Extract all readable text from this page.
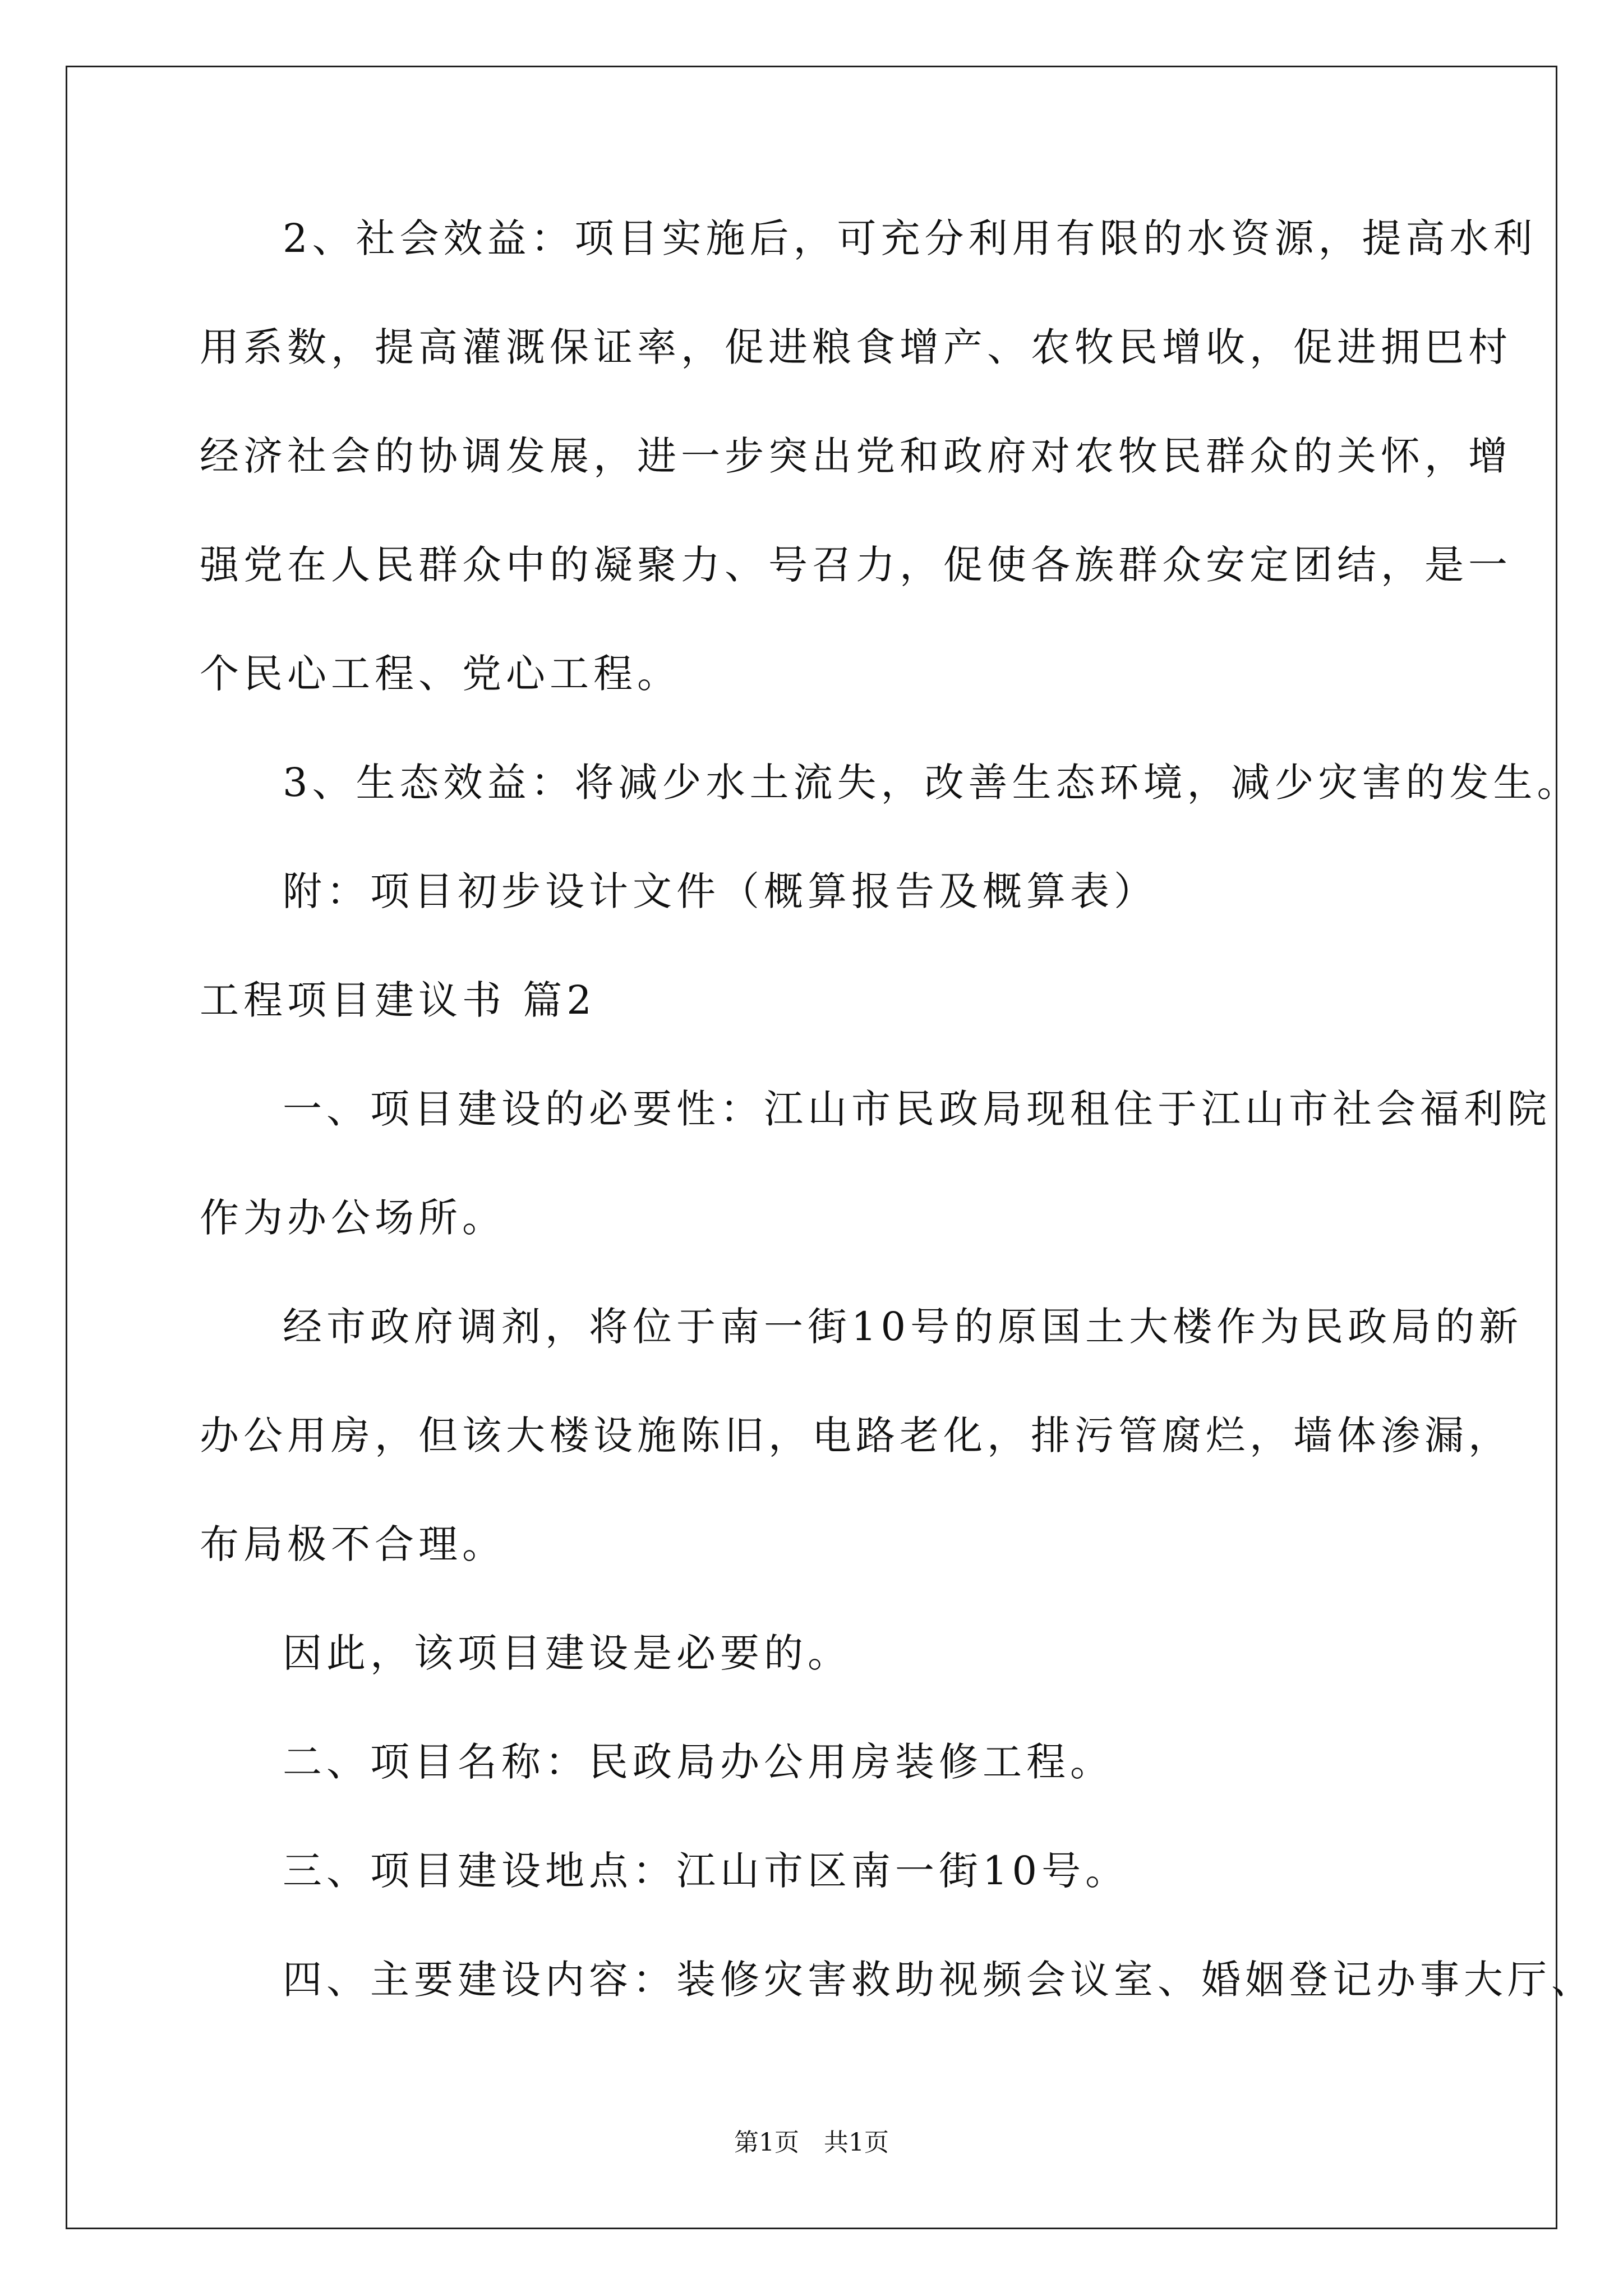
2、社会效益：项目实施后，可充分利用有限的水资源，提高水利
用系数，提高灌溉保证率，促进粮食增产、农牧民增收，促进拥巴村
经济社会的协调发展，进一步突出党和政府对农牧民群众的关怀，增
强党在人民群众中的凝聚力、号召力，促使各族群众安定团结，是一
个民心工程、党心工程。
3、生态效益：将减少水土流失，改善生态环境，减少灾害的发生。
附：项目初步设计文件（概算报告及概算表）
工程项目建议书 篇2
一、项目建设的必要性：江山市民政局现租住于江山市社会福利院
作为办公场所。
经市政府调剂，将位于南一街10号的原国土大楼作为民政局的新
办公用房，但该大楼设施陈旧，电路老化，排污管腐烂，墙体渗漏，
布局极不合理。
因此，该项目建设是必要的。
二、项目名称：民政局办公用房装修工程。
三、项目建设地点：江山市区南一街10号。
四、主要建设内容：装修灾害救助视频会议室、婚姻登记办事大厅、
第1页　共1页
